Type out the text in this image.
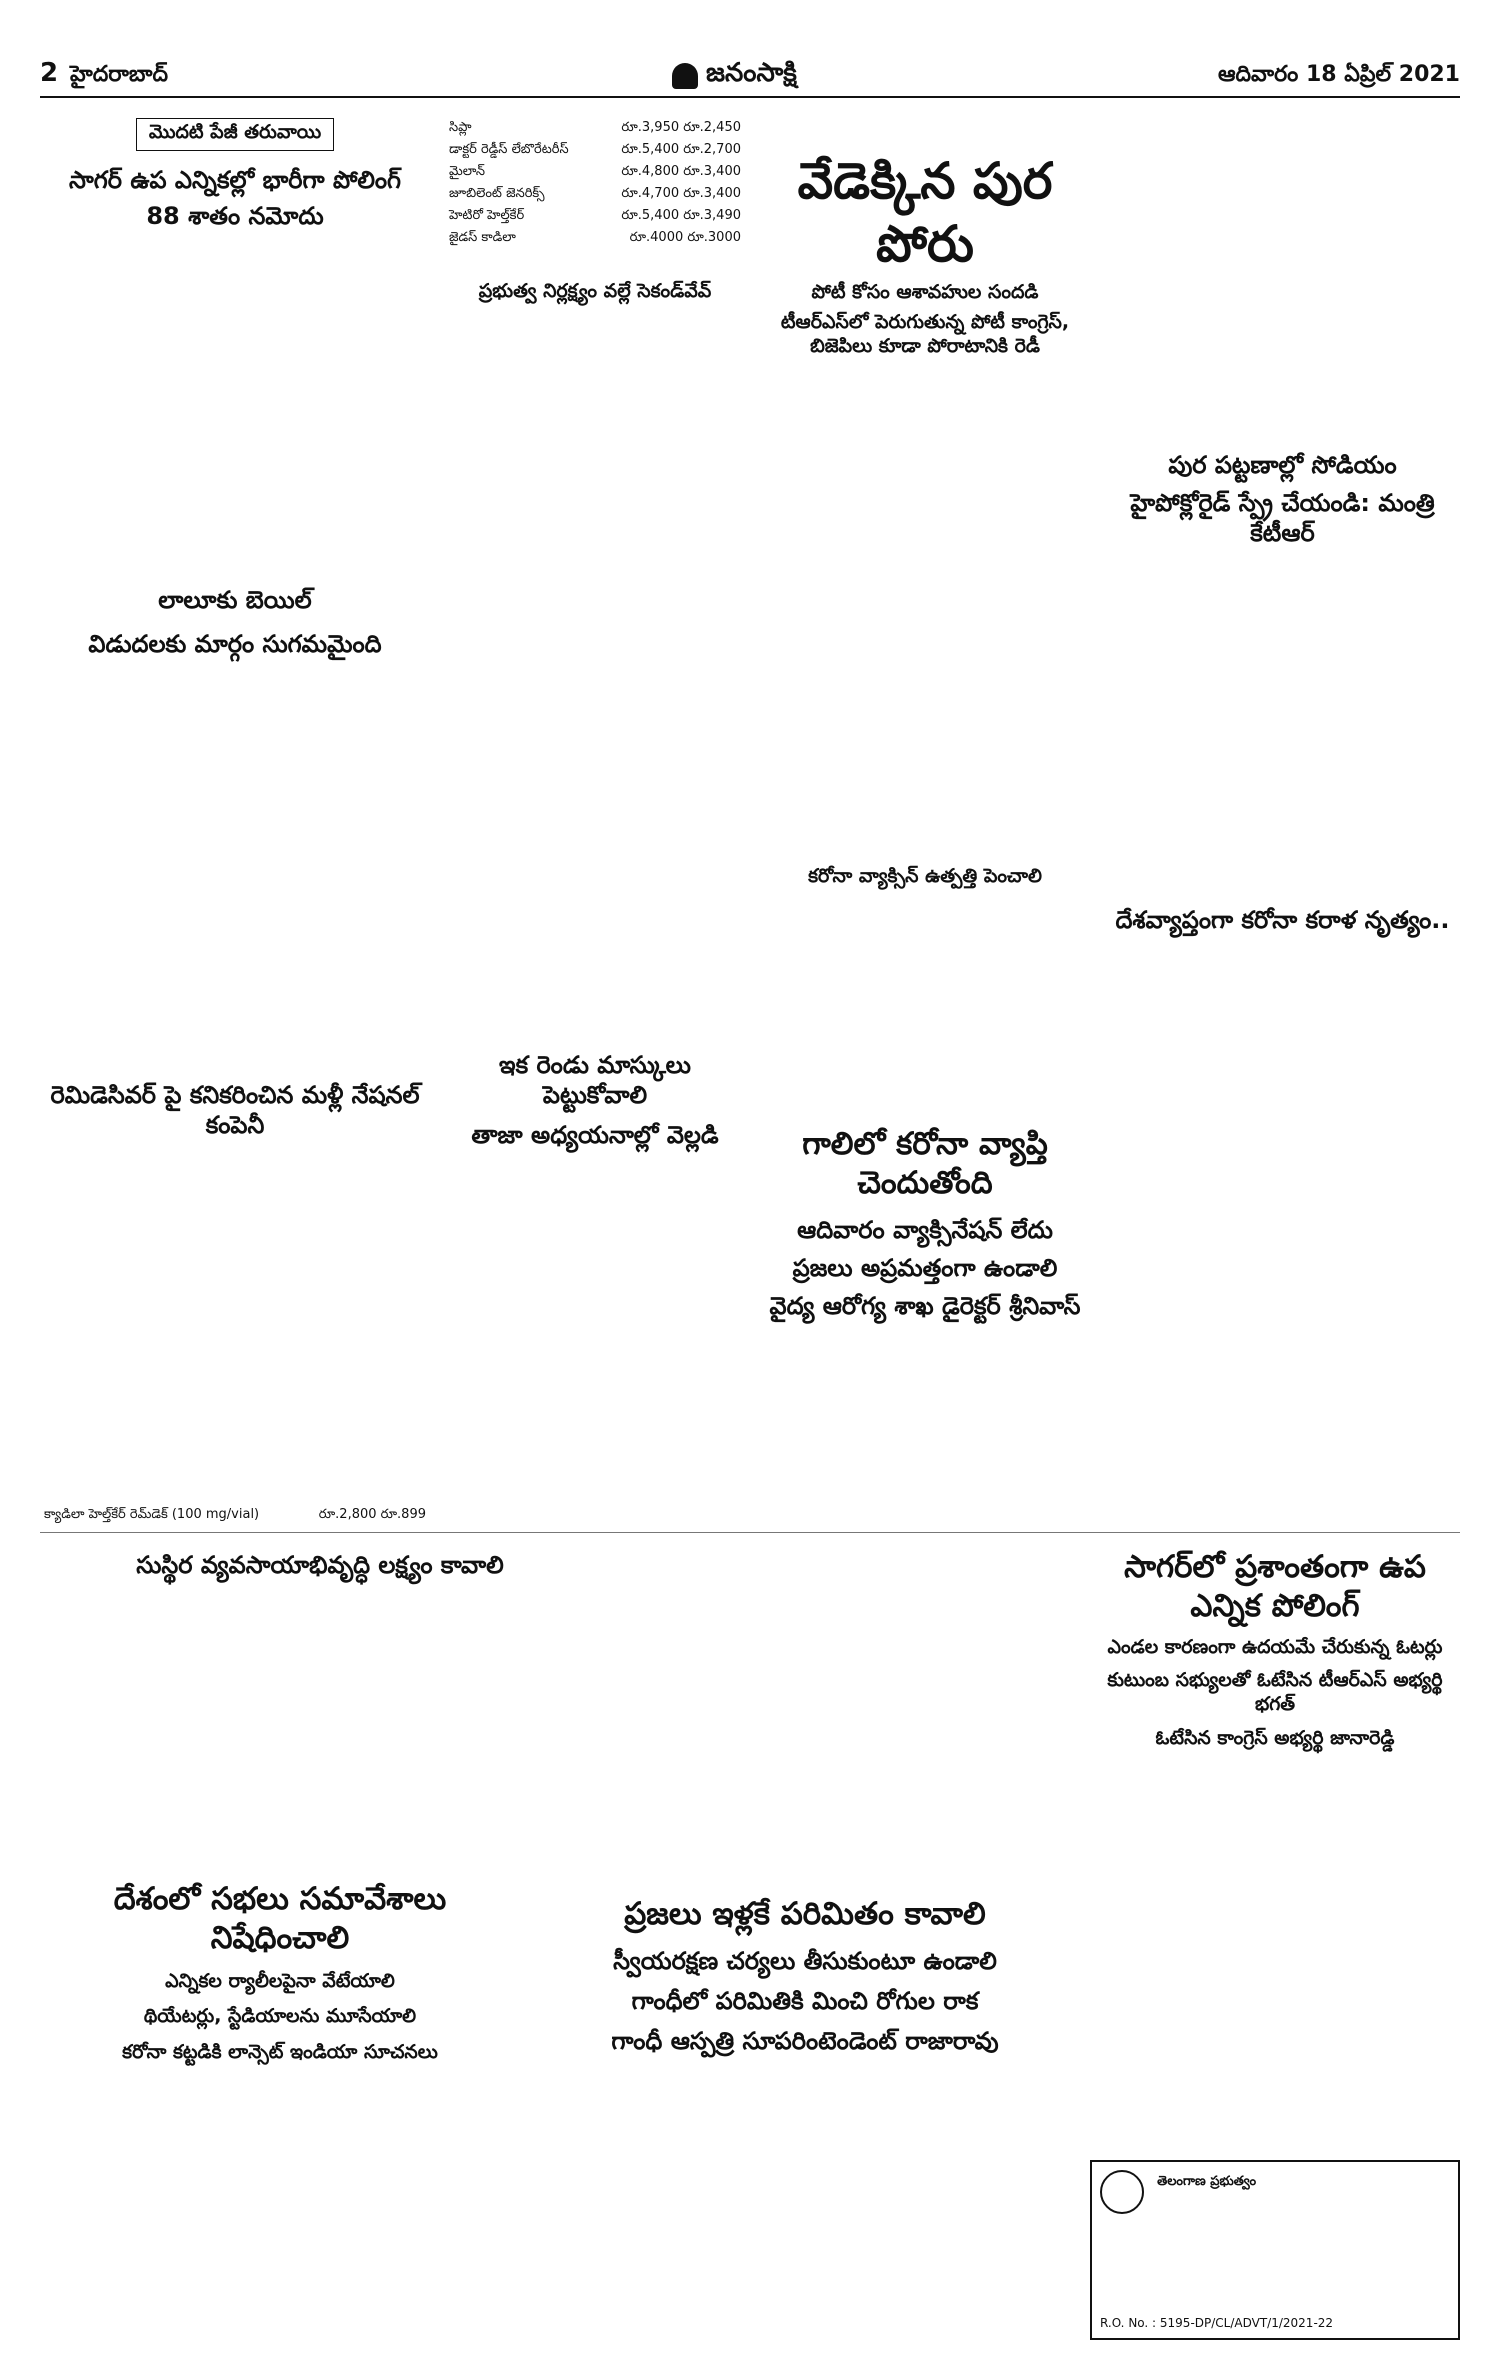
2 హైదరాబాద్	జనంసాక్షి	ఆదివారం 18 ఏప్రిల్ 2021
మొదటి పేజీ తరువాయి
సాగర్ ఉప ఎన్నికల్లో భారీగా పోలింగ్
88 శాతం నమోదు
లాలూకు బెయిల్
విడుదలకు మార్గం సుగమమైంది
రెమిడెసివర్ పై కనికరించిన మళ్లీ నేషనల్ కంపెనీ
క్యాడిలా హెల్త్‌కేర్ రెమ్‌డెక్ (100 mg/vial)	రూ.2,800 రూ.899
సిప్లా	రూ.3,950 రూ.2,450
డాక్టర్ రెడ్డీస్ లేబొరేటరీస్	రూ.5,400 రూ.2,700
మైలాన్	రూ.4,800 రూ.3,400
జూబిలెంట్ జెనరిక్స్	రూ.4,700 రూ.3,400
హెటిరో హెల్త్‌కేర్	రూ.5,400 రూ.3,490
జైడస్ కాడిలా	రూ.4000 రూ.3000
ప్రభుత్వ నిర్లక్ష్యం వల్లే సెకండ్‌వేవ్
ఇక రెండు మాస్కులు పెట్టుకోవాలి
తాజా అధ్యయనాల్లో వెల్లడి
వేడెక్కిన పుర పోరు
పోటీ కోసం ఆశావహుల సందడి
టీఆర్‌ఎస్‌లో పెరుగుతున్న పోటీ కాంగ్రెస్, బిజెపిలు కూడా పోరాటానికి రెడీ
కరోనా వ్యాక్సిన్ ఉత్పత్తి పెంచాలి
గాలిలో కరోనా వ్యాప్తి చెందుతోంది
ఆదివారం వ్యాక్సినేషన్ లేదు
ప్రజలు అప్రమత్తంగా ఉండాలి
వైద్య ఆరోగ్య శాఖ డైరెక్టర్ శ్రీనివాస్
పుర పట్టణాల్లో సోడియం
హైపోక్లోరైడ్ స్ప్రే చేయండి: మంత్రి కేటీఆర్
దేశవ్యాప్తంగా కరోనా కరాళ నృత్యం..
సుస్థిర వ్యవసాయాభివృద్ధి లక్ష్యం కావాలి	సాగర్‌లో ప్రశాంతంగా ఉప ఎన్నిక పోలింగ్
ఎండల కారణంగా ఉదయమే చేరుకున్న ఓటర్లు
కుటుంబ సభ్యులతో ఓటేసిన టీఆర్‌ఎస్ అభ్యర్థి భగత్
ఓటేసిన కాంగ్రెస్ అభ్యర్థి జానారెడ్డి
దేశంలో సభలు సమావేశాలు నిషేధించాలి
ఎన్నికల ర్యాలీలపైనా వేటేయాలి
థియేటర్లు, స్టేడియాలను మూసేయాలి
కరోనా కట్టడికి లాన్సెట్ ఇండియా సూచనలు
ప్రజలు ఇళ్లకే పరిమితం కావాలి
స్వీయరక్షణ చర్యలు తీసుకుంటూ ఉండాలి
గాంధీలో పరిమితికి మించి రోగుల రాక
గాంధీ ఆస్పత్రి సూపరింటెండెంట్ రాజారావు
తెలంగాణ ప్రభుత్వం
R.O. No. : 5195-DP/CL/ADVT/1/2021-22
